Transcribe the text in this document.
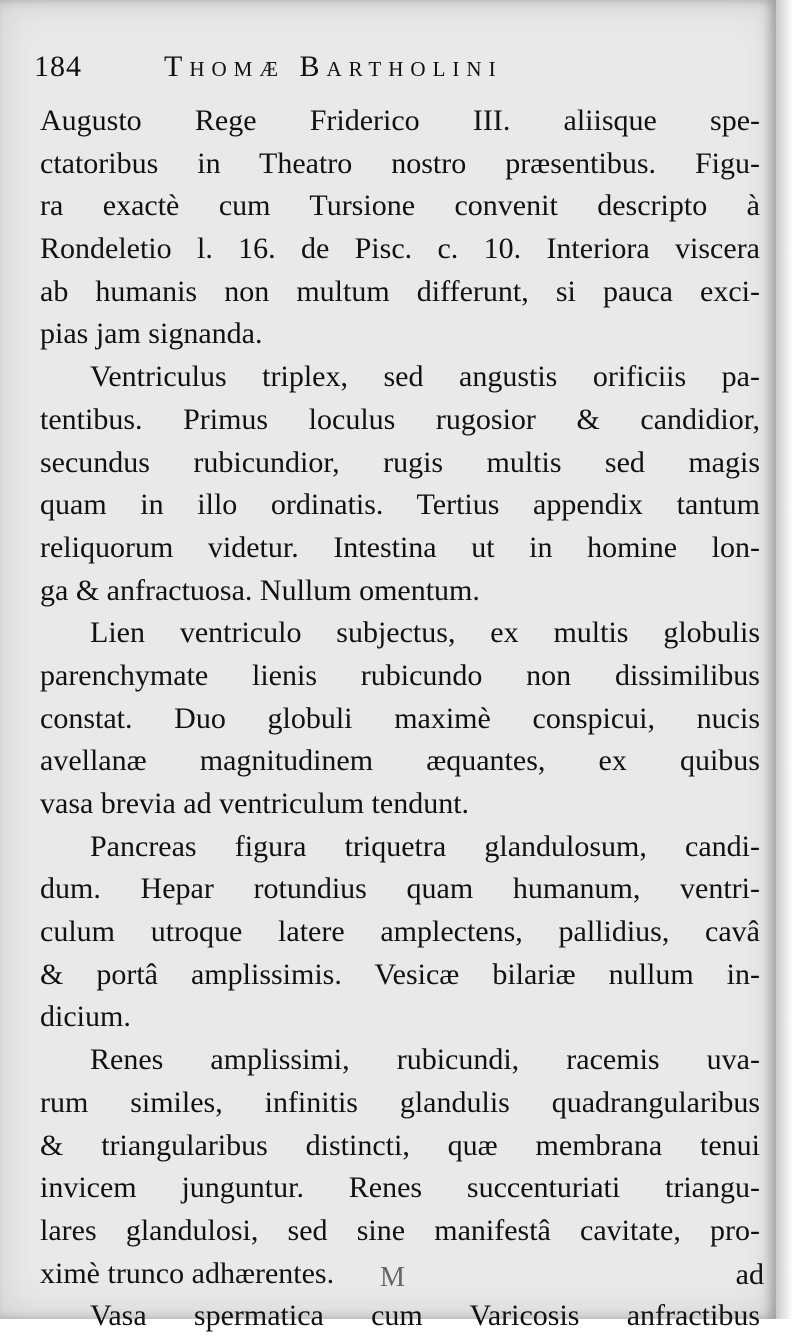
184	Thomæ Bartholini
Augusto Rege Friderico III. aliisque spe-
ctatoribus in Theatro nostro præsentibus. Figu-
ra exactè cum Tursione convenit descripto à
Rondeletio l. 16. de Pisc. c. 10. Interiora viscera
ab humanis non multum differunt, si pauca exci-
pias jam signanda.
Ventriculus triplex, sed angustis orificiis pa-
tentibus. Primus loculus rugosior & candidior,
secundus rubicundior, rugis multis sed magis
quam in illo ordinatis. Tertius appendix tantum
reliquorum videtur. Intestina ut in homine lon-
ga & anfractuosa. Nullum omentum.
Lien ventriculo subjectus, ex multis globulis
parenchymate lienis rubicundo non dissimilibus
constat. Duo globuli maximè conspicui, nucis
avellanæ magnitudinem æquantes, ex quibus
vasa brevia ad ventriculum tendunt.
Pancreas figura triquetra glandulosum, candi-
dum. Hepar rotundius quam humanum, ventri-
culum utroque latere amplectens, pallidius, cavâ
& portâ amplissimis. Vesicæ bilariæ nullum in-
dicium.
Renes amplissimi, rubicundi, racemis uva-
rum similes, infinitis glandulis quadrangularibus
& triangularibus distincti, quæ membrana tenui
invicem junguntur. Renes succenturiati triangu-
lares glandulosi, sed sine manifestâ cavitate, pro-
ximè trunco adhærentes.
Vasa spermatica cum Varicosis anfractibus
M	ad
